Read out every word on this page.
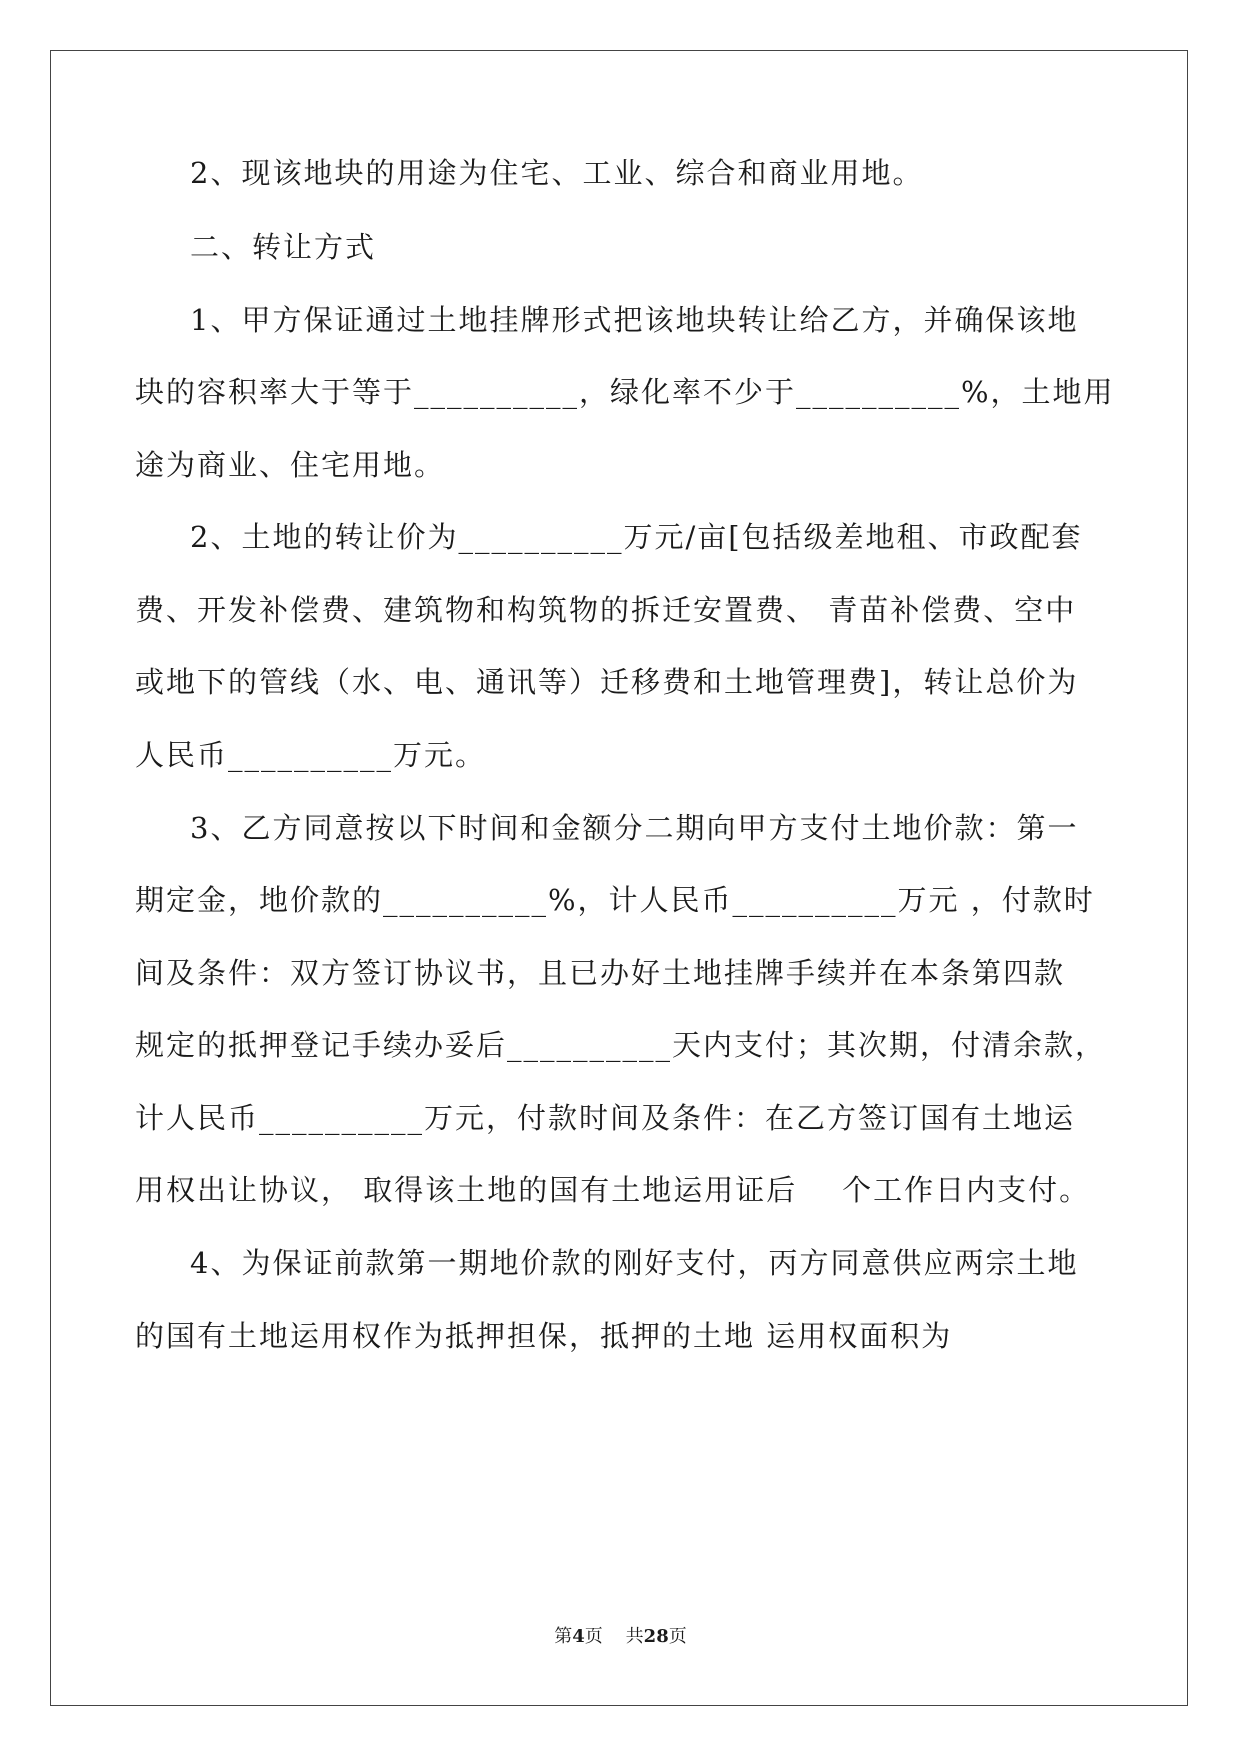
2、现该地块的用途为住宅、工业、综合和商业用地。
二、转让方式
1、甲方保证通过土地挂牌形式把该地块转让给乙方，并确保该地
块的容积率大于等于__________，绿化率不少于__________%，土地用
途为商业、住宅用地。
2、土地的转让价为__________万元/亩[包括级差地租、市政配套
费、开发补偿费、建筑物和构筑物的拆迁安置费、 青苗补偿费、空中
或地下的管线（水、电、通讯等）迁移费和土地管理费]，转让总价为
人民币__________万元。
3、乙方同意按以下时间和金额分二期向甲方支付土地价款：第一
期定金，地价款的__________%，计人民币__________万元 ，付款时
间及条件：双方签订协议书，且已办好土地挂牌手续并在本条第四款
规定的抵押登记手续办妥后__________天内支付；其次期，付清余款，
计人民币__________万元，付款时间及条件：在乙方签订国有土地运
用权出让协议， 取得该土地的国有土地运用证后    个工作日内支付。
4、为保证前款第一期地价款的刚好支付，丙方同意供应两宗土地
的国有土地运用权作为抵押担保，抵押的土地 运用权面积为
第4页    共28页
